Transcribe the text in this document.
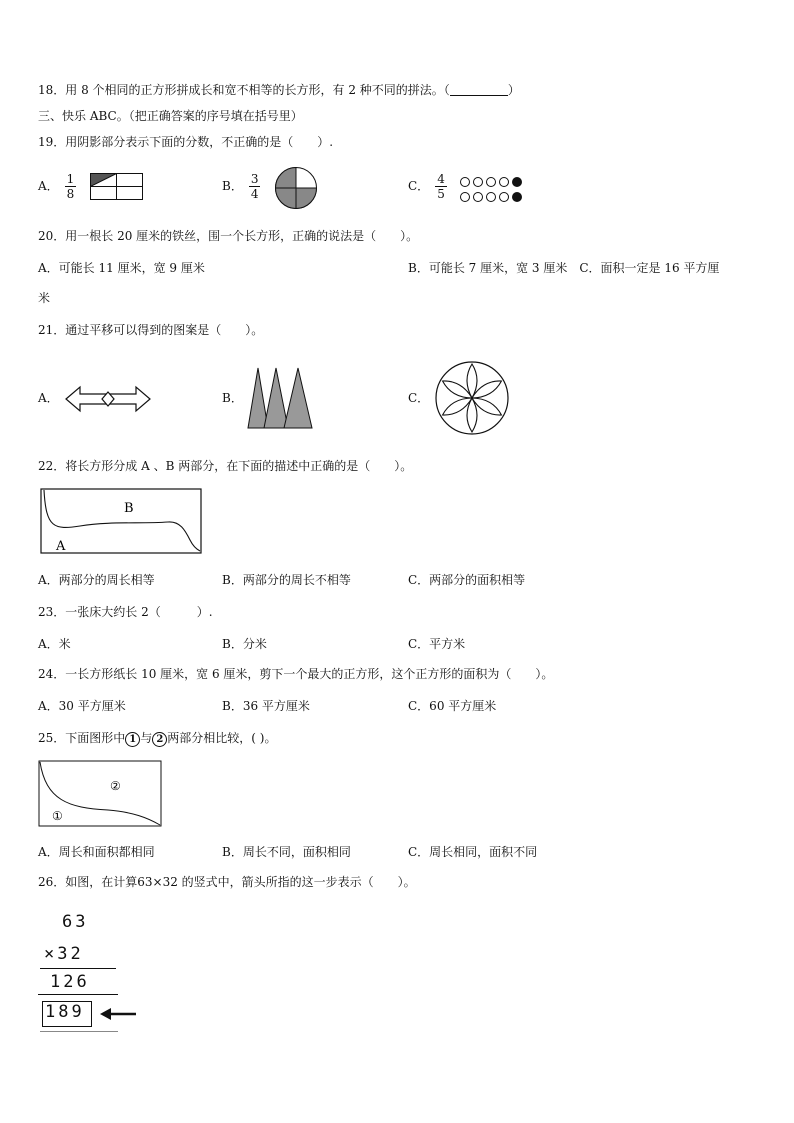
18．用 8 个相同的正方形拼成长和宽不相等的长方形，有 2 种不同的拼法。（	）
三、快乐 ABC。（把正确答案的序号填在括号里）
19．用阴影部分表示下面的分数，不正确的是（　　）.
A． $\frac{1}{8}$	B． $\frac{3}{4}$	C． $\frac{4}{5}$
20．用一根长 20 厘米的铁丝，围一个长方形，正确的说法是（　　）。
A．可能长 11 厘米，宽 9 厘米	B．可能长 7 厘米，宽 3 厘米　C．面积一定是 16 平方厘
米
21．通过平移可以得到的图案是（　　）。
A．	B．	C．
22．将长方形分成 A 、B 两部分，在下面的描述中正确的是（　　）。
B
A
A．两部分的周长相等	B．两部分的周长不相等	C．两部分的面积相等
23．一张床大约长 2（　　　）.
A．米	B．分米	C．平方米
24．一长方形纸长 10 厘米，宽 6 厘米，剪下一个最大的正方形，这个正方形的面积为（　　）。
A．30 平方厘米	B．36 平方厘米	C．60 平方厘米
25．下面图形中 1 与 2 两部分相比较，( )。
②
①
A．周长和面积都相同	B．周长不同，面积相同	C．周长相同，面积不同
26．如图，在计算63×32 的竖式中，箭头所指的这一步表示（　　）。
63
×32
126
189
